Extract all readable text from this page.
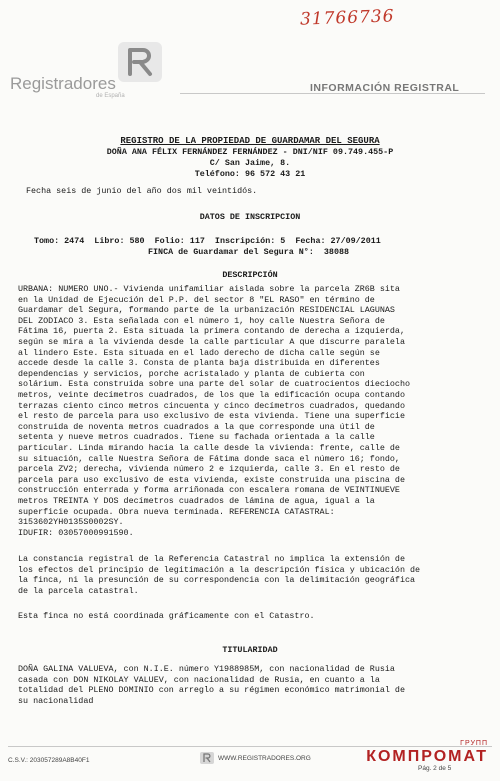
31766736
Registradores
de España
INFORMACIÓN REGISTRAL
REGISTRO DE LA PROPIEDAD DE GUARDAMAR DEL SEGURA
DOÑA ANA FÉLIX FERNÁNDEZ FERNÁNDEZ - DNI/NIF 09.749.455-P
C/ San Jaime, 8.
Teléfono: 96 572 43 21
Fecha seis de junio del año dos mil veintidós.
DATOS DE INSCRIPCION
Tomo: 2474  Libro: 580  Folio: 117  Inscripción: 5  Fecha: 27/09/2011
FINCA de Guardamar del Segura N°:  38088
DESCRIPCIÓN
URBANA: NUMERO UNO.- Vivienda unifamiliar aislada sobre la parcela ZR6B sita
en la Unidad de Ejecución del P.P. del sector 8 "EL RASO" en término de
Guardamar del Segura, formando parte de la urbanización RESIDENCIAL LAGUNAS
DEL ZODIACO 3. Esta señalada con el número 1, hoy calle Nuestra Señora de
Fátima 16, puerta 2. Esta situada la primera contando de derecha a izquierda,
según se mira a la vivienda desde la calle particular A que discurre paralela
al lindero Este. Esta situada en el lado derecho de dicha calle según se
accede desde la calle 3. Consta de planta baja distribuida en diferentes
dependencias y servicios, porche acristalado y planta de cubierta con
solárium. Esta construida sobre una parte del solar de cuatrocientos dieciocho
metros, veinte decímetros cuadrados, de los que la edificación ocupa contando
terrazas ciento cinco metros cincuenta y cinco decímetros cuadrados, quedando
el resto de parcela para uso exclusivo de esta vivienda. Tiene una superficie
construida de noventa metros cuadrados a la que corresponde una útil de
setenta y nueve metros cuadrados. Tiene su fachada orientada a la calle
particular. Linda mirando hacia la calle desde la vivienda: frente, calle de
su situación, calle Nuestra Señora de Fátima donde saca el número 16; fondo,
parcela ZV2; derecha, vivienda número 2 e izquierda, calle 3. En el resto de
parcela para uso exclusivo de esta vivienda, existe construida una piscina de
construcción enterrada y forma arriñonada con escalera romana de VEINTINUEVE
metros TREINTA Y DOS decímetros cuadrados de lámina de agua, igual a la
superficie ocupada. Obra nueva terminada. REFERENCIA CATASTRAL:
3153602YH0135S0002SY.
IDUFIR: 03057000991590.
La constancia registral de la Referencia Catastral no implica la extensión de
los efectos del principio de legitimación a la descripción física y ubicación de
la finca, ni la presunción de su correspondencia con la delimitación geográfica
de la parcela catastral.
Esta finca no está coordinada gráficamente con el Catastro.
TITULARIDAD
DOÑA GALINA VALUEVA, con N.I.E. número Y1988985M, con nacionalidad de Rusia
casada con DON NIKOLAY VALUEV, con nacionalidad de Rusia, en cuanto a la
totalidad del PLENO DOMINIO con arreglo a su régimen económico matrimonial de
su nacionalidad
C.S.V.: 203057289A8B40F1	WWW.REGISTRADORES.ORG
Pág. 2 de 5
ГРУПП
КОМПРОМАТ
